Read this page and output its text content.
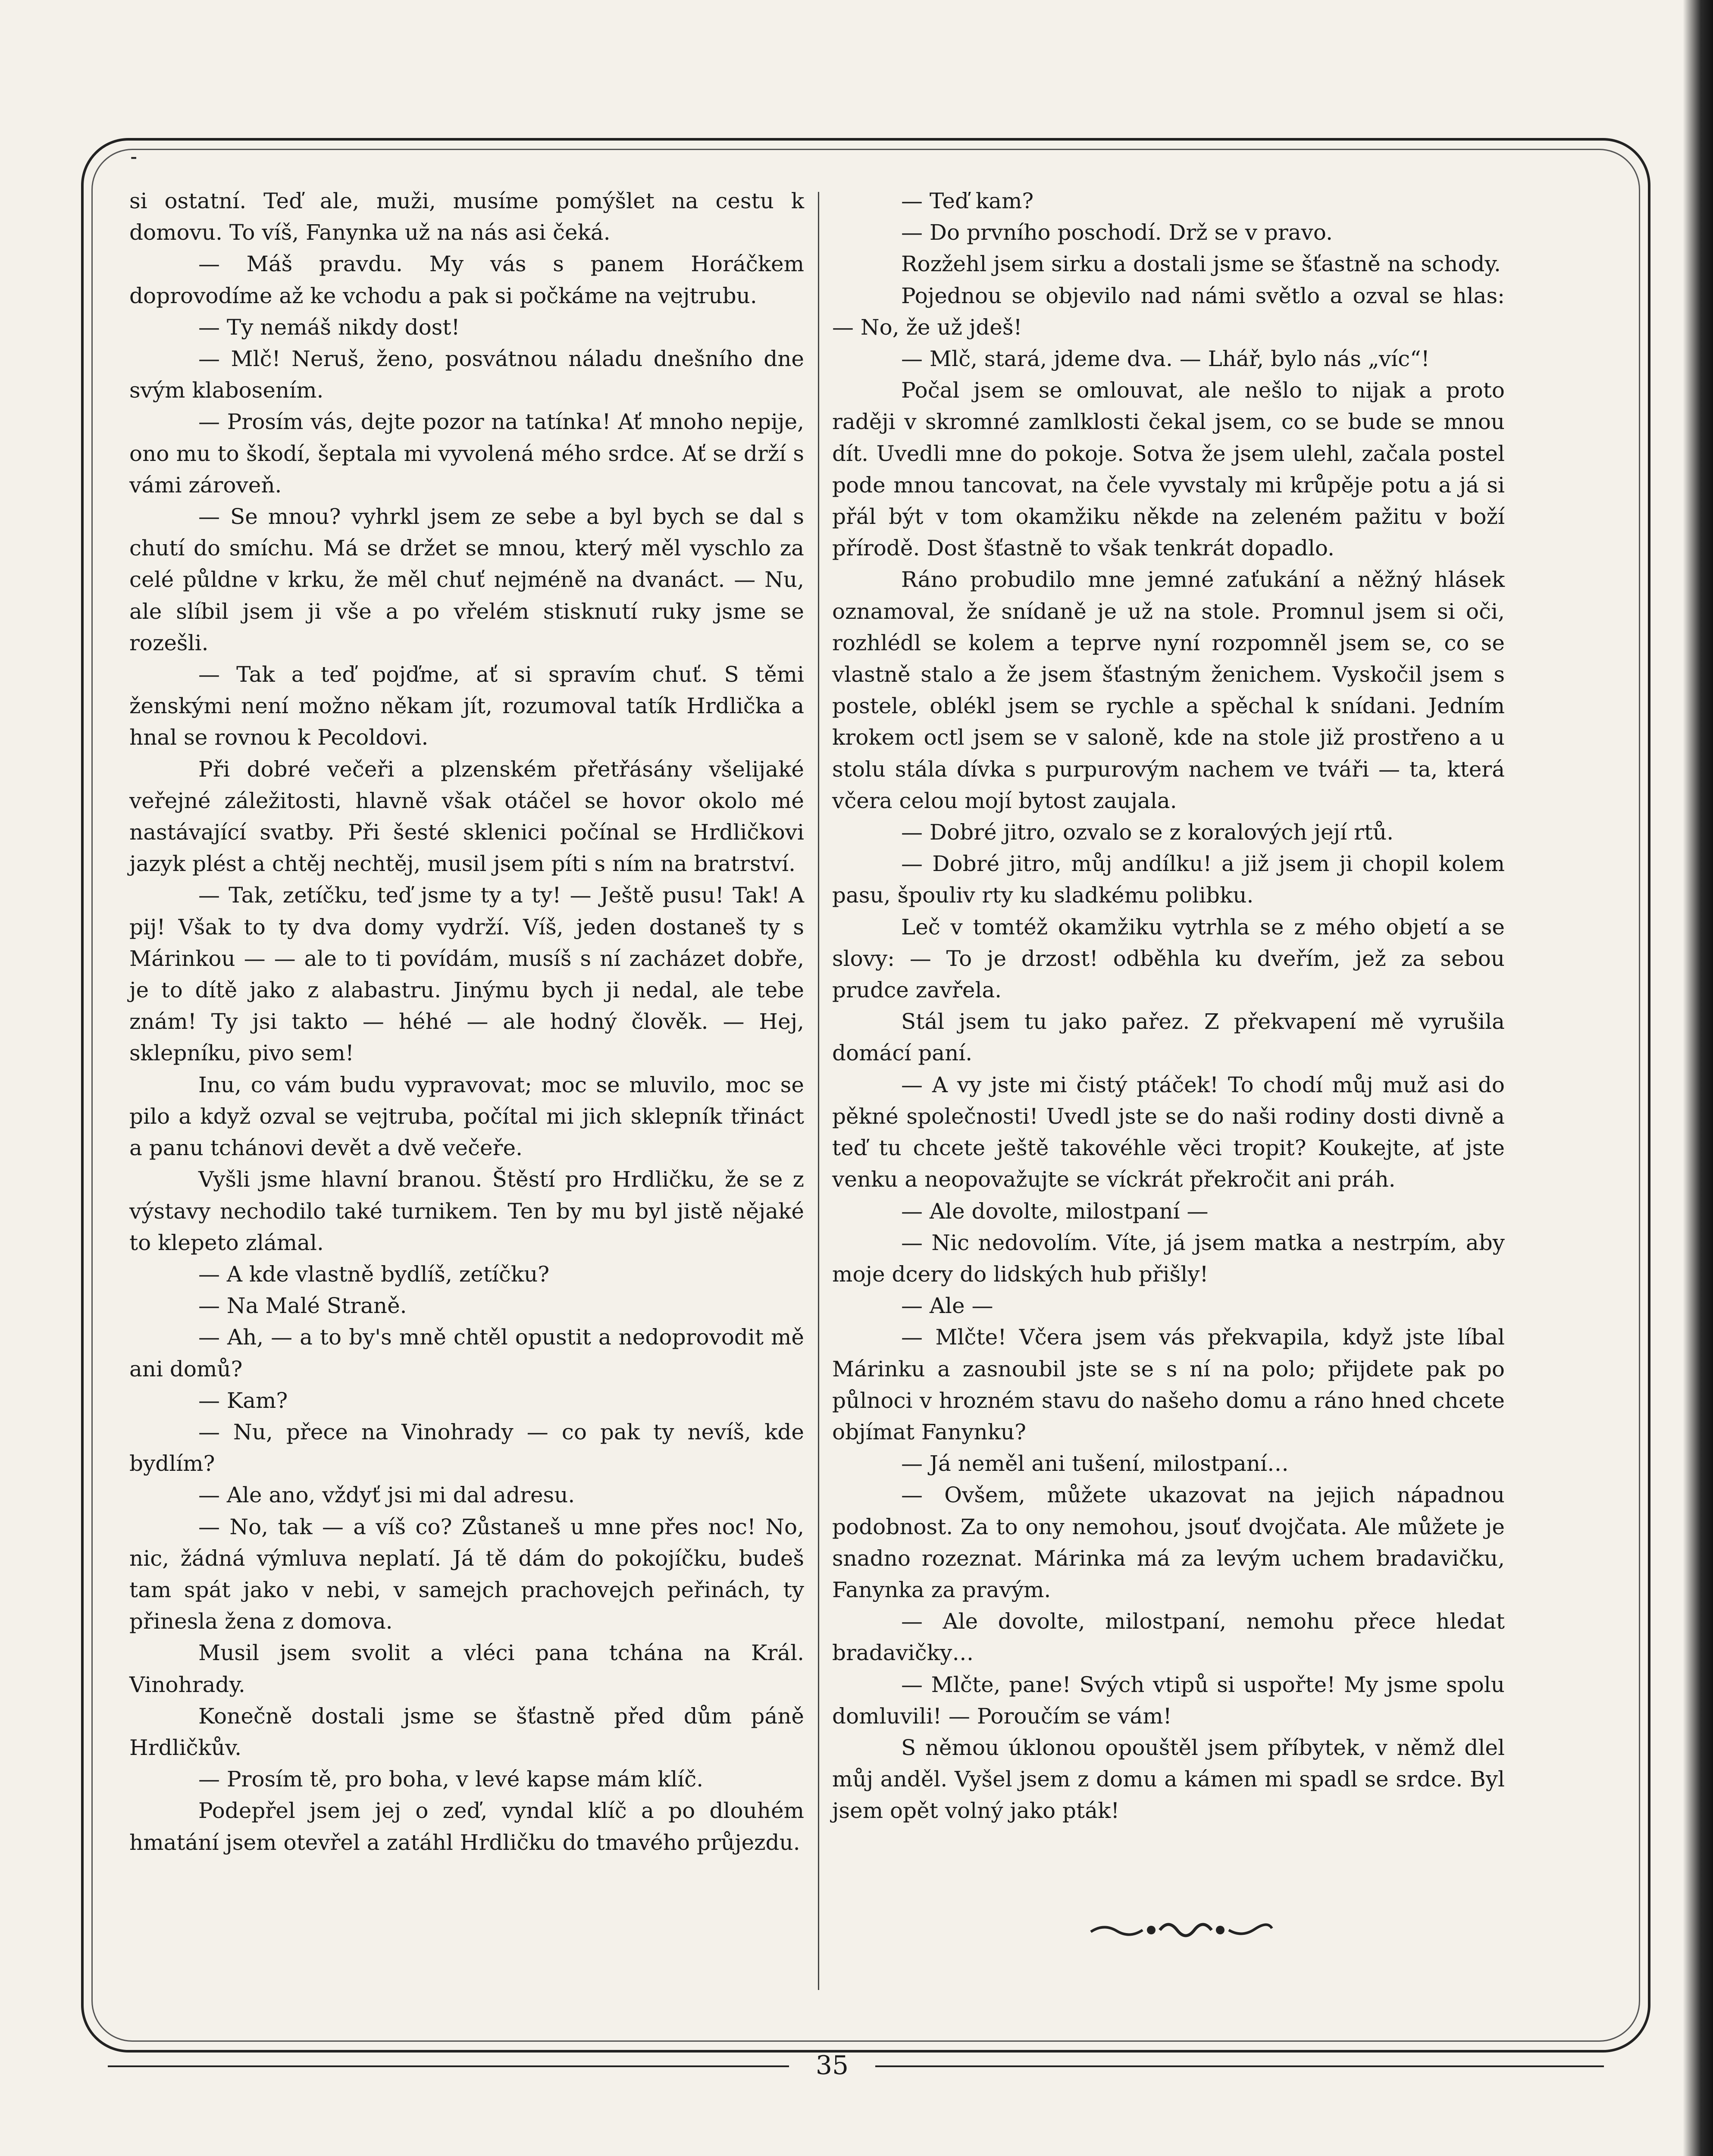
⁃

si ostatní. Teď ale, muži, musíme pomýšlet na cestu k domovu. To víš, Fanynka už na nás asi čeká.

— Máš pravdu. My vás s panem Horáčkem doprovodíme až ke vchodu a pak si počkáme na vejtrubu.

— Ty nemáš nikdy dost!

— Mlč! Neruš, ženo, posvátnou náladu dnešního dne svým klabosením.

— Prosím vás, dejte pozor na tatínka! Ať mnoho nepije, ono mu to škodí, šeptala mi vyvolená mého srdce. Ať se drží s vámi zároveň.

— Se mnou? vyhrkl jsem ze sebe a byl bych se dal s chutí do smíchu. Má se držet se mnou, který měl vyschlo za celé půldne v krku, že měl chuť nejméně na dvanáct. — Nu, ale slíbil jsem ji vše a po vřelém stisknutí ruky jsme se rozešli.

— Tak a teď pojďme, ať si spravím chuť. S těmi ženskými není možno někam jít, rozumoval tatík Hrdlička a hnal se rovnou k Pecoldovi.

Při dobré večeři a plzenském přetřásány všelijaké veřejné záležitosti, hlavně však otáčel se hovor okolo mé nastávající svatby. Při šesté sklenici počínal se Hrdličkovi jazyk plést a chtěj nechtěj, musil jsem píti s ním na bratrství.

— Tak, zetíčku, teď jsme ty a ty! — Ještě pusu! Tak! A pij! Však to ty dva domy vydrží. Víš, jeden dostaneš ty s Márinkou — — ale to ti povídám, musíš s ní zacházet dobře, je to dítě jako z alabastru. Jinýmu bych ji nedal, ale tebe znám! Ty jsi takto — héhé — ale hodný člověk. — Hej, sklepníku, pivo sem!

Inu, co vám budu vypravovat; moc se mluvilo, moc se pilo a když ozval se vejtruba, počítal mi jich sklepník třináct a panu tchánovi devět a dvě večeře.

Vyšli jsme hlavní branou. Štěstí pro Hrdličku, že se z výstavy nechodilo také turnikem. Ten by mu byl jistě nějaké to klepeto zlámal.

— A kde vlastně bydlíš, zetíčku?

— Na Malé Straně.

— Ah, — a to by's mně chtěl opustit a nedoprovodit mě ani domů?

— Kam?

— Nu, přece na Vinohrady — co pak ty nevíš, kde bydlím?

— Ale ano, vždyť jsi mi dal adresu.

— No, tak — a víš co? Zůstaneš u mne přes noc! No, nic, žádná výmluva neplatí. Já tě dám do pokojíčku, budeš tam spát jako v nebi, v samejch prachovejch peřinách, ty přinesla žena z domova.

Musil jsem svolit a vléci pana tchána na Král. Vinohrady.

Konečně dostali jsme se šťastně před dům páně Hrdličkův.

— Prosím tě, pro boha, v levé kapse mám klíč.

Podepřel jsem jej o zeď, vyndal klíč a po dlouhém hmatání jsem otevřel a zatáhl Hrdličku do tmavého průjezdu.

— Teď kam?

— Do prvního poschodí. Drž se v pravo.

Rozžehl jsem sirku a dostali jsme se šťastně na schody.

Pojednou se objevilo nad námi světlo a ozval se hlas: — No, že už jdeš!

— Mlč, stará, jdeme dva. — Lhář, bylo nás „víc“!

Počal jsem se omlouvat, ale nešlo to nijak a proto raději v skromné zamlklosti čekal jsem, co se bude se mnou dít. Uvedli mne do pokoje. Sotva že jsem ulehl, začala postel pode mnou tancovat, na čele vyvstaly mi krůpěje potu a já si přál být v tom okamžiku někde na zeleném pažitu v boží přírodě. Dost šťastně to však tenkrát dopadlo.

Ráno probudilo mne jemné zaťukání a něžný hlásek oznamoval, že snídaně je už na stole. Promnul jsem si oči, rozhlédl se kolem a teprve nyní rozpomněl jsem se, co se vlastně stalo a že jsem šťastným ženichem. Vyskočil jsem s postele, oblékl jsem se rychle a spěchal k snídani. Jedním krokem octl jsem se v saloně, kde na stole již prostřeno a u stolu stála dívka s purpurovým nachem ve tváři — ta, která včera celou mojí bytost zaujala.

— Dobré jitro, ozvalo se z koralových její rtů.

— Dobré jitro, můj andílku! a již jsem ji chopil kolem pasu, špouliv rty ku sladkému polibku.

Leč v tomtéž okamžiku vytrhla se z mého objetí a se slovy: — To je drzost! odběhla ku dveřím, jež za sebou prudce zavřela.

Stál jsem tu jako pařez. Z překvapení mě vyrušila domácí paní.

— A vy jste mi čistý ptáček! To chodí můj muž asi do pěkné společnosti! Uvedl jste se do naši rodiny dosti divně a teď tu chcete ještě takovéhle věci tropit? Koukejte, ať jste venku a neopovažujte se víckrát překročit ani práh.

— Ale dovolte, milostpaní —

— Nic nedovolím. Víte, já jsem matka a nestrpím, aby moje dcery do lidských hub přišly!

— Ale —

— Mlčte! Včera jsem vás překvapila, když jste líbal Márinku a zasnoubil jste se s ní na polo; přijdete pak po půlnoci v hrozném stavu do našeho domu a ráno hned chcete objímat Fanynku?

— Já neměl ani tušení, milostpaní…

— Ovšem, můžete ukazovat na jejich nápadnou podobnost. Za to ony nemohou, jsouť dvojčata. Ale můžete je snadno rozeznat. Márinka má za levým uchem bradavičku, Fanynka za pravým.

— Ale dovolte, milostpaní, nemohu přece hledat bradavičky…

— Mlčte, pane! Svých vtipů si uspořte! My jsme spolu domluvili! — Poroučím se vám!

S němou úklonou opouštěl jsem příbytek, v němž dlel můj anděl. Vyšel jsem z domu a kámen mi spadl se srdce. Byl jsem opět volný jako pták!

35
